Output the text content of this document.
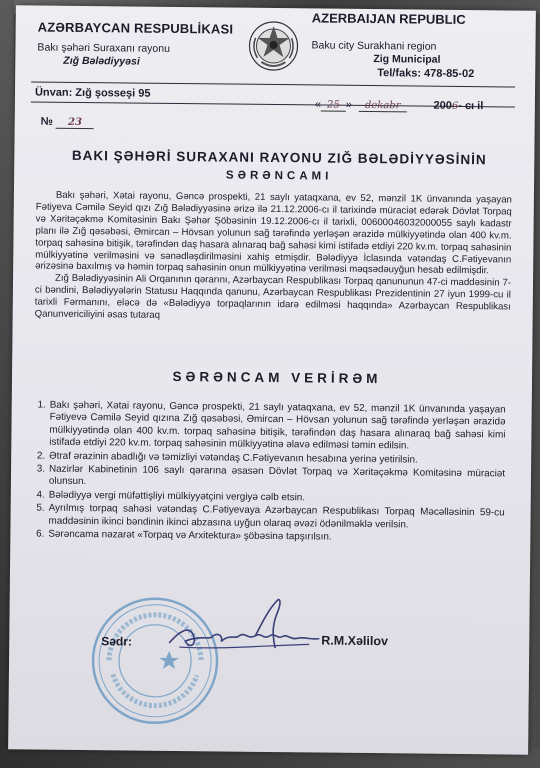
AZƏRBAYCAN RESPUBLİKASI
Bakı şəhəri Suraxanı rayonu
Zığ Bələdiyyəsi
AZERBAIJAN REPUBLIC
Baku city Surakhani region
Zig Municipal
Tel/faks: 478-85-02
Ünvan: Zığ şosseşi 95
« 25 » dekabr	2006- cı il
№ 23
BAKI ŞƏHƏRİ SURAXANI RAYONU ZIĞ BƏLƏDİYYƏSİNİN
SƏRƏNCAMI

Bakı şəhəri, Xətai rayonu, Gəncə prospekti, 21 saylı yataqxana, ev 52, mənzil 1K ünvanında yaşayan Fətiyeva Cəmilə Seyid qızı Zığ Bələdiyyəsinə ərizə ilə 21.12.2006-cı il tarixində müraciət edərək Dövlət Torpaq və Xəritəçəkmə Komitəsinin Bakı Şəhər Şöbəsinin 19.12.2006-cı il tarixli, 00600046032000055 saylı kadastr planı ilə Zığ qəsəbəsi, Əmircan – Hövsan yolunun sağ tərəfində yerləşən ərazidə mülkiyyətində olan 400 kv.m. torpaq sahəsinə bitişik, tərəfindən daş hasara alınaraq bağ sahəsi kimi istifadə etdiyi 220 kv.m. torpaq sahəsinin mülkiyyətinə verilməsini və sənədləşdirilməsini xahiş etmişdir. Bələdiyyə İclasında vətəndaş C.Fətiyevanın ərizəsinə baxılmış və həmin torpaq sahəsinin onun mülkiyyətinə verilməsi məqsədəuyğun hesab edilmişdir.

Zığ Bələdiyyəsinin Ali Orqanının qərarını, Azərbaycan Respublikası Torpaq qanununun 47-ci maddəsinin 7-ci bəndini, Bələdiyyələrin Statusu Haqqında qanunu, Azərbaycan Respublikası Prezidentinin 27 iyun 1999-cu il tarixli Fərmanını, eləcə də «Bələdiyyə torpaqlarının idarə edilməsi haqqında» Azərbaycan Respublikası Qanunvericiliyini əsas tutaraq

SƏRƏNCAM VERİRƏM
1. Bakı şəhəri, Xətai rayonu, Gəncə prospekti, 21 saylı yataqxana, ev 52, mənzil 1K ünvanında yaşayan Fətiyevə Cəmilə Seyid qızına Zığ qəsəbəsi, Əmircan – Hövsan yolunun sağ tərəfində yerləşən ərazidə mülkiyyətində olan 400 kv.m. torpaq sahəsinə bitişik, tərəfindən daş hasara alınaraq bağ sahəsi kimi istifadə etdiyi 220 kv.m. torpaq sahəsinin mülkiyyətinə əlavə edilməsi təmin edilsin.
2. Ətraf ərazinin abadlığı və təmizliyi vətəndaş C.Fətiyevanın hesabına yerinə yetirilsin.
3. Nazirlər Kabinetinin 106 saylı qərarına əsasən Dövlət Torpaq və Xəritəçəkmə Komitəsinə müraciət olunsun.
4. Bələdiyyə vergi müfəttişliyi mülkiyyətçini vergiyə cəlb etsin.
5. Ayrılmış torpaq sahəsi vətəndaş C.Fətiyevaya Azərbaycan Respublikası Torpaq Məcəlləsinin 59-cu maddəsinin ikinci bəndinin ikinci abzasına uyğun olaraq əvəzi ödənilməklə verilsin.
6. Sərəncama nəzarət «Torpaq və Arxitektura» şöbəsinə tapşırılsın.
Sədr:	R.M.Xəlilov
